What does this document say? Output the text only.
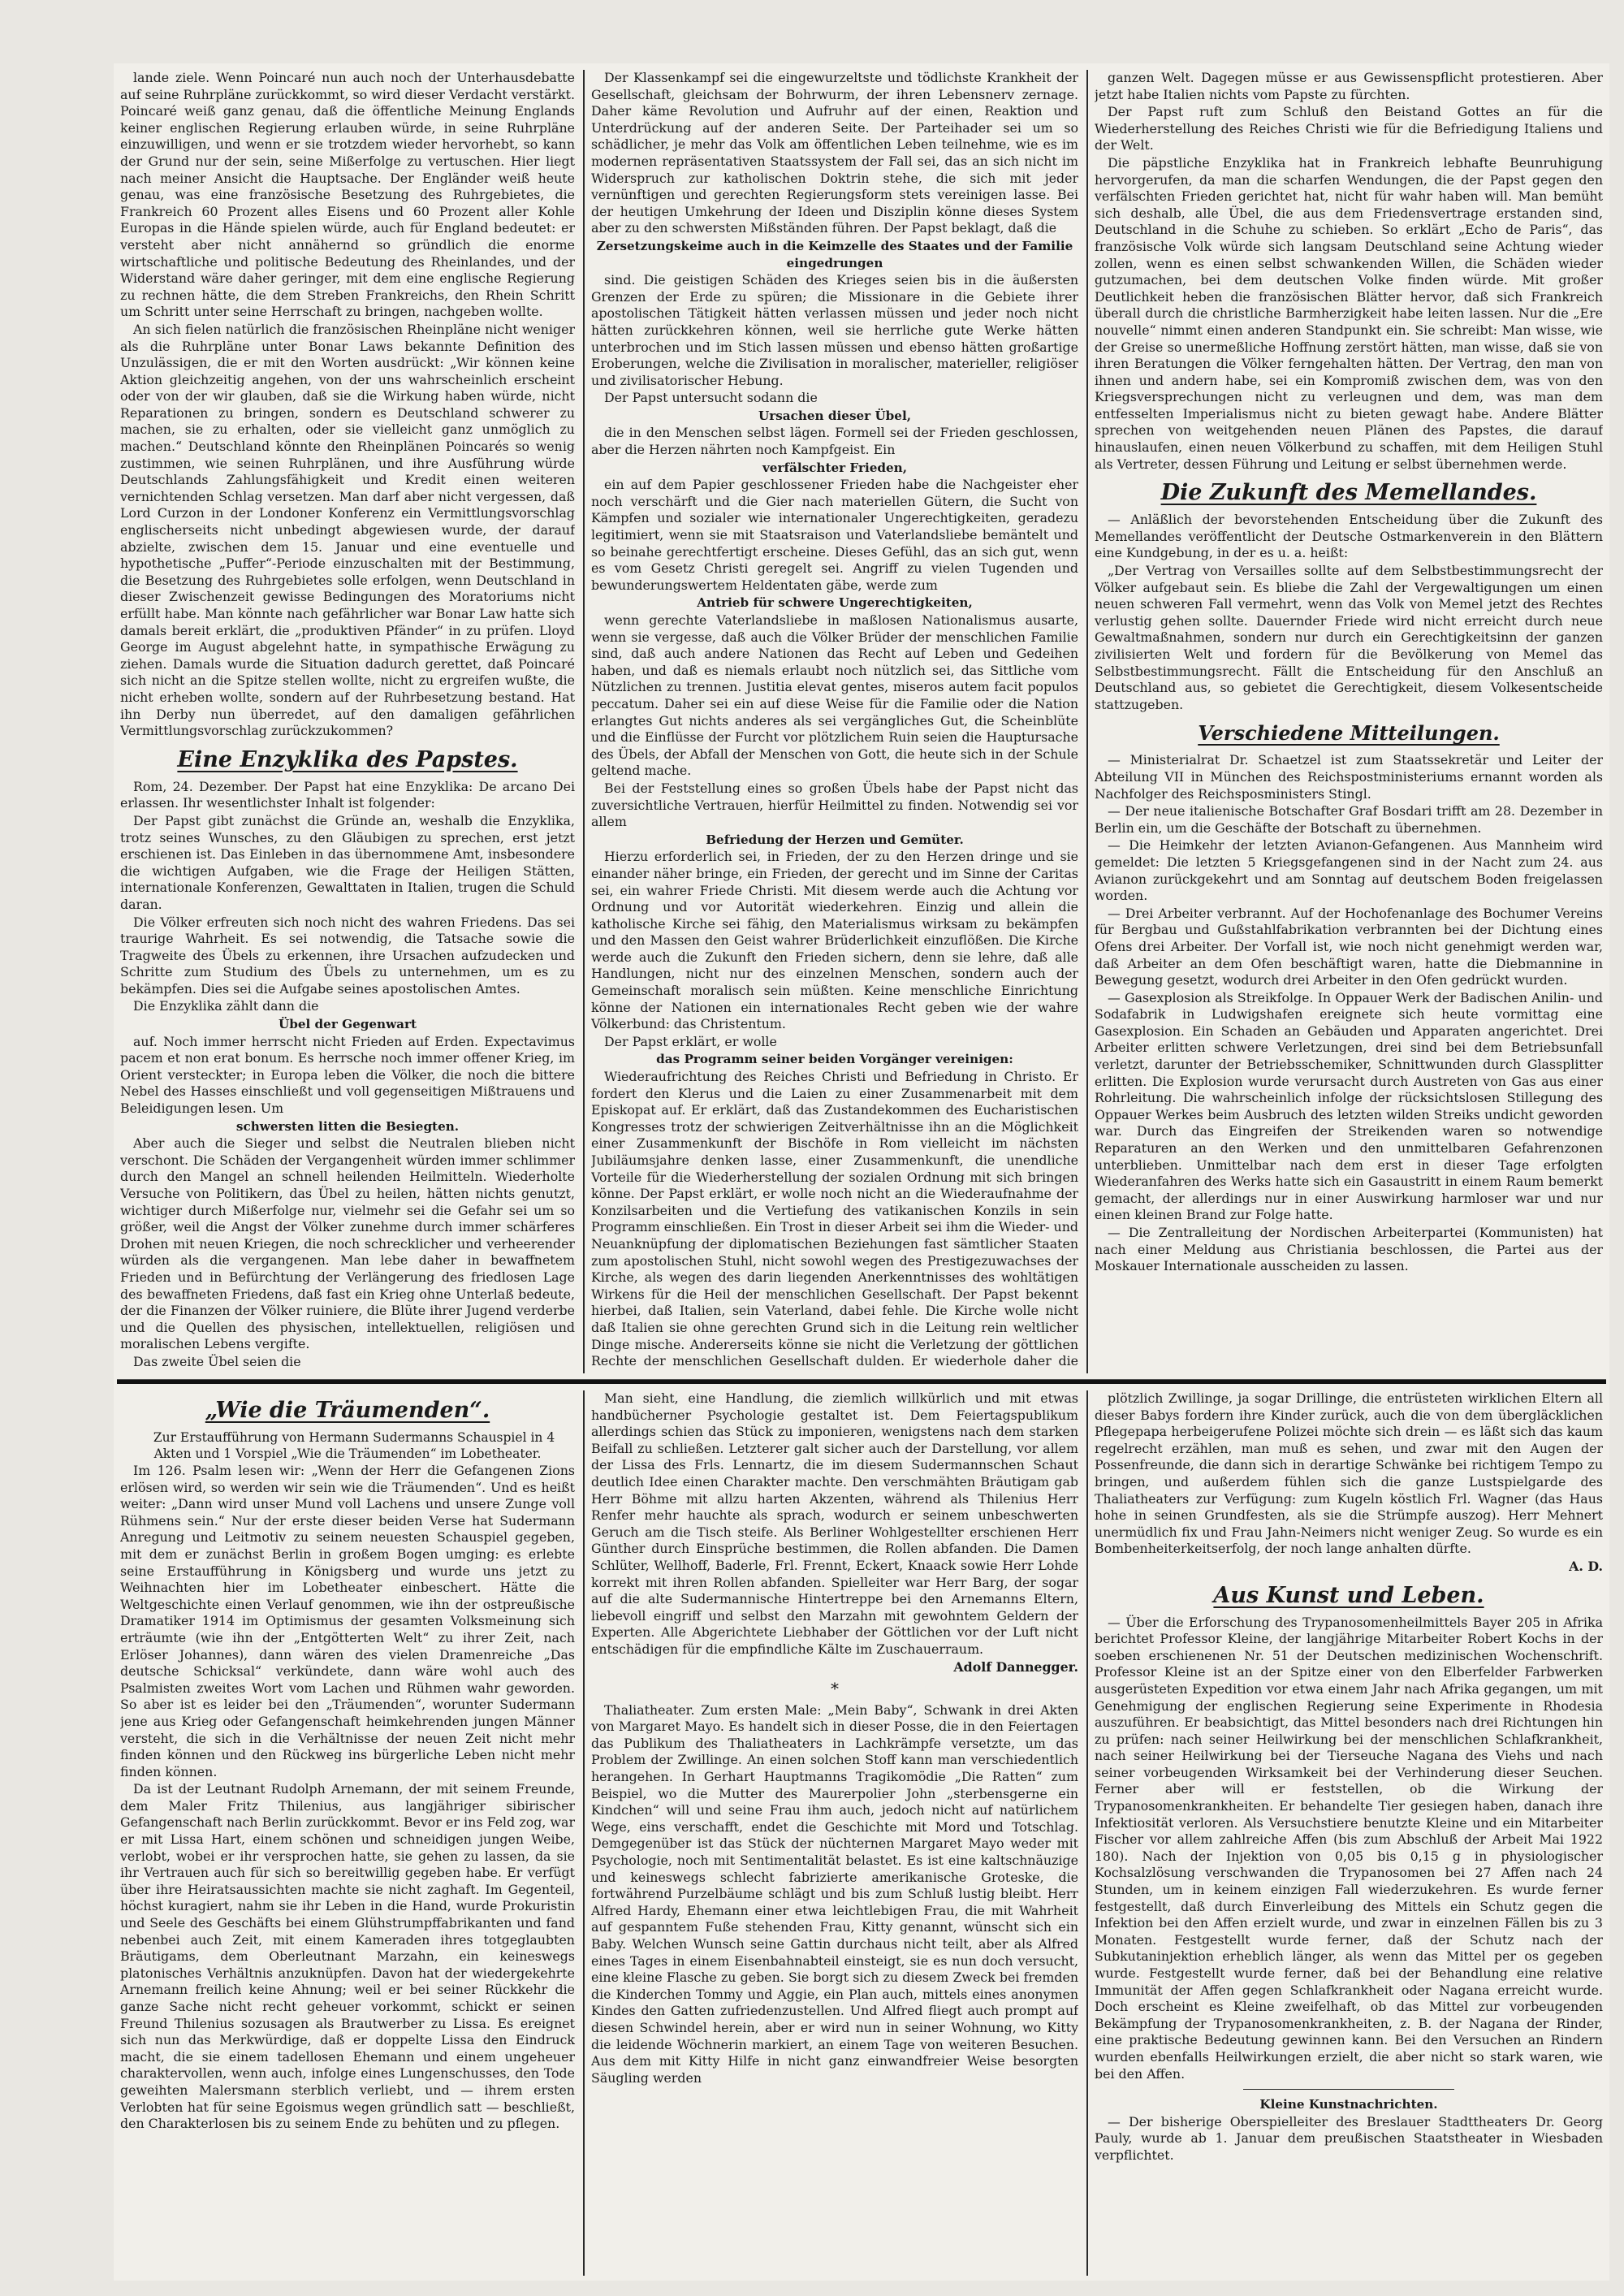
lande ziele. Wenn Poincaré nun auch noch der Unterhausdebatte auf seine Ruhrpläne zurückkommt, so wird dieser Verdacht verstärkt. Poincaré weiß ganz genau, daß die öffentliche Meinung Englands keiner englischen Regierung erlauben würde, in seine Ruhrpläne einzuwilligen, und wenn er sie trotzdem wieder hervorhebt, so kann der Grund nur der sein, seine Mißerfolge zu vertuschen. Hier liegt nach meiner Ansicht die Hauptsache. Der Engländer weiß heute genau, was eine französische Besetzung des Ruhrgebietes, die Frankreich 60 Prozent alles Eisens und 60 Prozent aller Kohle Europas in die Hände spielen würde, auch für England bedeutet: er versteht aber nicht annähernd so gründlich die enorme wirtschaftliche und politische Bedeutung des Rheinlandes, und der Widerstand wäre daher geringer, mit dem eine englische Regierung zu rechnen hätte, die dem Streben Frankreichs, den Rhein Schritt um Schritt unter seine Herrschaft zu bringen, nachgeben wollte.

An sich fielen natürlich die französischen Rheinpläne nicht weniger als die Ruhrpläne unter Bonar Laws bekannte Definition des Unzulässigen, die er mit den Worten ausdrückt: „Wir können keine Aktion gleichzeitig angehen, von der uns wahrscheinlich erscheint oder von der wir glauben, daß sie die Wirkung haben würde, nicht Reparationen zu bringen, sondern es Deutschland schwerer zu machen, sie zu erhalten, oder sie vielleicht ganz unmöglich zu machen.“ Deutschland könnte den Rheinplänen Poincarés so wenig zustimmen, wie seinen Ruhrplänen, und ihre Ausführung würde Deutschlands Zahlungsfähigkeit und Kredit einen weiteren vernichtenden Schlag versetzen. Man darf aber nicht vergessen, daß Lord Curzon in der Londoner Konferenz ein Vermittlungsvorschlag englischerseits nicht unbedingt abgewiesen wurde, der darauf abzielte, zwischen dem 15. Januar und eine eventuelle und hypothetische „Puffer“-Periode einzuschalten mit der Bestimmung, die Besetzung des Ruhrgebietes solle erfolgen, wenn Deutschland in dieser Zwischenzeit gewisse Bedingungen des Moratoriums nicht erfüllt habe. Man könnte nach gefährlicher war Bonar Law hatte sich damals bereit erklärt, die „produktiven Pfänder“ in zu prüfen. Lloyd George im August abgelehnt hatte, in sympathische Erwägung zu ziehen. Damals wurde die Situation dadurch gerettet, daß Poincaré sich nicht an die Spitze stellen wollte, nicht zu ergreifen wußte, die nicht erheben wollte, sondern auf der Ruhrbesetzung bestand. Hat ihn Derby nun überredet, auf den damaligen gefährlichen Vermittlungsvorschlag zurückzukommen?

Eine Enzyklika des Papstes.

Rom, 24. Dezember. Der Papst hat eine Enzyklika: De arcano Dei erlassen. Ihr wesentlichster Inhalt ist folgender:

Der Papst gibt zunächst die Gründe an, weshalb die Enzyklika, trotz seines Wunsches, zu den Gläubigen zu sprechen, erst jetzt erschienen ist. Das Einleben in das übernommene Amt, insbesondere die wichtigen Aufgaben, wie die Frage der Heiligen Stätten, internationale Konferenzen, Gewalttaten in Italien, trugen die Schuld daran.

Die Völker erfreuten sich noch nicht des wahren Friedens. Das sei traurige Wahrheit. Es sei notwendig, die Tatsache sowie die Tragweite des Übels zu erkennen, ihre Ursachen aufzudecken und Schritte zum Studium des Übels zu unternehmen, um es zu bekämpfen. Dies sei die Aufgabe seines apostolischen Amtes.

Die Enzyklika zählt dann die

Übel der Gegenwart

auf. Noch immer herrscht nicht Frieden auf Erden. Expectavimus pacem et non erat bonum. Es herrsche noch immer offener Krieg, im Orient versteckter; in Europa leben die Völker, die noch die bittere Nebel des Hasses einschließt und voll gegenseitigen Mißtrauens und Beleidigungen lesen. Um

schwersten litten die Besiegten.

Aber auch die Sieger und selbst die Neutralen blieben nicht verschont. Die Schäden der Vergangenheit würden immer schlimmer durch den Mangel an schnell heilenden Heilmitteln. Wiederholte Versuche von Politikern, das Übel zu heilen, hätten nichts genutzt, wichtiger durch Mißerfolge nur, vielmehr sei die Gefahr sei um so größer, weil die Angst der Völker zunehme durch immer schärferes Drohen mit neuen Kriegen, die noch schrecklicher und verheerender würden als die vergangenen. Man lebe daher in bewaffnetem Frieden und in Befürchtung der Verlängerung des friedlosen Lage des bewaffneten Friedens, daß fast ein Krieg ohne Unterlaß bedeute, der die Finanzen der Völker ruiniere, die Blüte ihrer Jugend verderbe und die Quellen des physischen, intellektuellen, religiösen und moralischen Lebens vergifte.

Das zweite Übel seien die

Der Klassenkampf sei die eingewurzeltste und tödlichste Krankheit der Gesellschaft, gleichsam der Bohrwurm, der ihren Lebensnerv zernage. Daher käme Revolution und Aufruhr auf der einen, Reaktion und Unterdrückung auf der anderen Seite. Der Parteihader sei um so schädlicher, je mehr das Volk am öffentlichen Leben teilnehme, wie es im modernen repräsentativen Staatssystem der Fall sei, das an sich nicht im Widerspruch zur katholischen Doktrin stehe, die sich mit jeder vernünftigen und gerechten Regierungsform stets vereinigen lasse. Bei der heutigen Umkehrung der Ideen und Disziplin könne dieses System aber zu den schwersten Mißständen führen. Der Papst beklagt, daß die

Zersetzungskeime auch in die Keimzelle des Staates und der Familie eingedrungen

sind. Die geistigen Schäden des Krieges seien bis in die äußersten Grenzen der Erde zu spüren; die Missionare in die Gebiete ihrer apostolischen Tätigkeit hätten verlassen müssen und jeder noch nicht hätten zurückkehren können, weil sie herrliche gute Werke hätten unterbrochen und im Stich lassen müssen und ebenso hätten großartige Eroberungen, welche die Zivilisation in moralischer, materieller, religiöser und zivilisatorischer Hebung.

Der Papst untersucht sodann die

Ursachen dieser Übel,

die in den Menschen selbst lägen. Formell sei der Frieden geschlossen, aber die Herzen nährten noch Kampfgeist. Ein

verfälschter Frieden,

ein auf dem Papier geschlossener Frieden habe die Nachgeister eher noch verschärft und die Gier nach materiellen Gütern, die Sucht von Kämpfen und sozialer wie internationaler Ungerechtigkeiten, geradezu legitimiert, wenn sie mit Staatsraison und Vaterlandsliebe bemäntelt und so beinahe gerechtfertigt erscheine. Dieses Gefühl, das an sich gut, wenn es vom Gesetz Christi geregelt sei. Angriff zu vielen Tugenden und bewunderungswertem Heldentaten gäbe, werde zum

Antrieb für schwere Ungerechtigkeiten,

wenn gerechte Vaterlandsliebe in maßlosen Nationalismus ausarte, wenn sie vergesse, daß auch die Völker Brüder der menschlichen Familie sind, daß auch andere Nationen das Recht auf Leben und Gedeihen haben, und daß es niemals erlaubt noch nützlich sei, das Sittliche vom Nützlichen zu trennen. Justitia elevat gentes, miseros autem facit populos peccatum. Daher sei ein auf diese Weise für die Familie oder die Nation erlangtes Gut nichts anderes als sei vergängliches Gut, die Scheinblüte und die Einflüsse der Furcht vor plötzlichem Ruin seien die Hauptursache des Übels, der Abfall der Menschen von Gott, die heute sich in der Schule geltend mache.

Bei der Feststellung eines so großen Übels habe der Papst nicht das zuversichtliche Vertrauen, hierfür Heilmittel zu finden. Notwendig sei vor allem

Befriedung der Herzen und Gemüter.

Hierzu erforderlich sei, in Frieden, der zu den Herzen dringe und sie einander näher bringe, ein Frieden, der gerecht und im Sinne der Caritas sei, ein wahrer Friede Christi. Mit diesem werde auch die Achtung vor Ordnung und vor Autorität wiederkehren. Einzig und allein die katholische Kirche sei fähig, den Materialismus wirksam zu bekämpfen und den Massen den Geist wahrer Brüderlichkeit einzuflößen. Die Kirche werde auch die Zukunft den Frieden sichern, denn sie lehre, daß alle Handlungen, nicht nur des einzelnen Menschen, sondern auch der Gemeinschaft moralisch sein müßten. Keine menschliche Einrichtung könne der Nationen ein internationales Recht geben wie der wahre Völkerbund: das Christentum.

Der Papst erklärt, er wolle

das Programm seiner beiden Vorgänger vereinigen:

Wiederaufrichtung des Reiches Christi und Befriedung in Christo. Er fordert den Klerus und die Laien zu einer Zusammenarbeit mit dem Episkopat auf. Er erklärt, daß das Zustandekommen des Eucharistischen Kongresses trotz der schwierigen Zeitverhältnisse ihn an die Möglichkeit einer Zusammenkunft der Bischöfe in Rom vielleicht im nächsten Jubiläumsjahre denken lasse, einer Zusammenkunft, die unendliche Vorteile für die Wiederherstellung der sozialen Ordnung mit sich bringen könne. Der Papst erklärt, er wolle noch nicht an die Wiederaufnahme der Konzilsarbeiten und die Vertiefung des vatikanischen Konzils in sein Programm einschließen. Ein Trost in dieser Arbeit sei ihm die Wieder- und Neuanknüpfung der diplomatischen Beziehungen fast sämtlicher Staaten zum apostolischen Stuhl, nicht sowohl wegen des Prestigezuwachses der Kirche, als wegen des darin liegenden Anerkenntnisses des wohltätigen Wirkens für die Heil der menschlichen Gesellschaft. Der Papst bekennt hierbei, daß Italien, sein Vaterland, dabei fehle. Die Kirche wolle nicht daß Italien sie ohne gerechten Grund sich in die Leitung rein weltlicher Dinge mische. Andererseits könne sie nicht die Verletzung der göttlichen Rechte der menschlichen Gesellschaft dulden. Er wiederhole daher die

ganzen Welt. Dagegen müsse er aus Gewissenspflicht protestieren. Aber jetzt habe Italien nichts vom Papste zu fürchten.

Der Papst ruft zum Schluß den Beistand Gottes an für die Wiederherstellung des Reiches Christi wie für die Befriedigung Italiens und der Welt.

Die päpstliche Enzyklika hat in Frankreich lebhafte Beunruhigung hervorgerufen, da man die scharfen Wendungen, die der Papst gegen den verfälschten Frieden gerichtet hat, nicht für wahr haben will. Man bemüht sich deshalb, alle Übel, die aus dem Friedensvertrage erstanden sind, Deutschland in die Schuhe zu schieben. So erklärt „Echo de Paris“, das französische Volk würde sich langsam Deutschland seine Achtung wieder zollen, wenn es einen selbst schwankenden Willen, die Schäden wieder gutzumachen, bei dem deutschen Volke finden würde. Mit großer Deutlichkeit heben die französischen Blätter hervor, daß sich Frankreich überall durch die christliche Barmherzigkeit habe leiten lassen. Nur die „Ere nouvelle“ nimmt einen anderen Standpunkt ein. Sie schreibt: Man wisse, wie der Greise so unermeßliche Hoffnung zerstört hätten, man wisse, daß sie von ihren Beratungen die Völker ferngehalten hätten. Der Vertrag, den man von ihnen und andern habe, sei ein Kompromiß zwischen dem, was von den Kriegsversprechungen nicht zu verleugnen und dem, was man dem entfesselten Imperialismus nicht zu bieten gewagt habe. Andere Blätter sprechen von weitgehenden neuen Plänen des Papstes, die darauf hinauslaufen, einen neuen Völkerbund zu schaffen, mit dem Heiligen Stuhl als Vertreter, dessen Führung und Leitung er selbst übernehmen werde.

Die Zukunft des Memellandes.

— Anläßlich der bevorstehenden Entscheidung über die Zukunft des Memellandes veröffentlicht der Deutsche Ostmarkenverein in den Blättern eine Kundgebung, in der es u. a. heißt:

„Der Vertrag von Versailles sollte auf dem Selbstbestimmungsrecht der Völker aufgebaut sein. Es bliebe die Zahl der Vergewaltigungen um einen neuen schweren Fall vermehrt, wenn das Volk von Memel jetzt des Rechtes verlustig gehen sollte. Dauernder Friede wird nicht erreicht durch neue Gewaltmaßnahmen, sondern nur durch ein Gerechtigkeitsinn der ganzen zivilisierten Welt und fordern für die Bevölkerung von Memel das Selbstbestimmungsrecht. Fällt die Entscheidung für den Anschluß an Deutschland aus, so gebietet die Gerechtigkeit, diesem Volkesentscheide stattzugeben.

Verschiedene Mitteilungen.

— Ministerialrat Dr. Schaetzel ist zum Staatssekretär und Leiter der Abteilung VII in München des Reichspostministeriums ernannt worden als Nachfolger des Reichsposministers Stingl.

— Der neue italienische Botschafter Graf Bosdari trifft am 28. Dezember in Berlin ein, um die Geschäfte der Botschaft zu übernehmen.

— Die Heimkehr der letzten Avianon-Gefangenen. Aus Mannheim wird gemeldet: Die letzten 5 Kriegsgefangenen sind in der Nacht zum 24. aus Avianon zurückgekehrt und am Sonntag auf deutschem Boden freigelassen worden.

— Drei Arbeiter verbrannt. Auf der Hochofenanlage des Bochumer Vereins für Bergbau und Gußstahlfabrikation verbrannten bei der Dichtung eines Ofens drei Arbeiter. Der Vorfall ist, wie noch nicht genehmigt werden war, daß Arbeiter an dem Ofen beschäftigt waren, hatte die Diebmannine in Bewegung gesetzt, wodurch drei Arbeiter in den Ofen gedrückt wurden.

— Gasexplosion als Streikfolge. In Oppauer Werk der Badischen Anilin- und Sodafabrik in Ludwigshafen ereignete sich heute vormittag eine Gasexplosion. Ein Schaden an Gebäuden und Apparaten angerichtet. Drei Arbeiter erlitten schwere Verletzungen, drei sind bei dem Betriebsunfall verletzt, darunter der Betriebsschemiker, Schnittwunden durch Glassplitter erlitten. Die Explosion wurde verursacht durch Austreten von Gas aus einer Rohrleitung. Die wahrscheinlich infolge der rücksichtslosen Stillegung des Oppauer Werkes beim Ausbruch des letzten wilden Streiks undicht geworden war. Durch das Eingreifen der Streikenden waren so notwendige Reparaturen an den Werken und den unmittelbaren Gefahrenzonen unterblieben. Unmittelbar nach dem erst in dieser Tage erfolgten Wiederanfahren des Werks hatte sich ein Gasaustritt in einem Raum bemerkt gemacht, der allerdings nur in einer Auswirkung harmloser war und nur einen kleinen Brand zur Folge hatte.

— Die Zentralleitung der Nordischen Arbeiterpartei (Kommunisten) hat nach einer Meldung aus Christiania beschlossen, die Partei aus der Moskauer Internationale ausscheiden zu lassen.

„Wie die Träumenden“.

Zur Erstaufführung von Hermann Sudermanns Schauspiel in 4 Akten und 1 Vorspiel „Wie die Träumenden“ im Lobetheater.

Im 126. Psalm lesen wir: „Wenn der Herr die Gefangenen Zions erlösen wird, so werden wir sein wie die Träumenden“. Und es heißt weiter: „Dann wird unser Mund voll Lachens und unsere Zunge voll Rühmens sein.“ Nur der erste dieser beiden Verse hat Sudermann Anregung und Leitmotiv zu seinem neuesten Schauspiel gegeben, mit dem er zunächst Berlin in großem Bogen umging: es erlebte seine Erstaufführung in Königsberg und wurde uns jetzt zu Weihnachten hier im Lobetheater einbeschert. Hätte die Weltgeschichte einen Verlauf genommen, wie ihn der ostpreußische Dramatiker 1914 im Optimismus der gesamten Volksmeinung sich erträumte (wie ihn der „Entgötterten Welt“ zu ihrer Zeit, nach Erlöser Johannes), dann wären des vielen Dramenreiche „Das deutsche Schicksal“ verkündete, dann wäre wohl auch des Psalmisten zweites Wort vom Lachen und Rühmen wahr geworden. So aber ist es leider bei den „Träumenden“, worunter Sudermann jene aus Krieg oder Gefangenschaft heimkehrenden jungen Männer versteht, die sich in die Verhältnisse der neuen Zeit nicht mehr finden können und den Rückweg ins bürgerliche Leben nicht mehr finden können.

Da ist der Leutnant Rudolph Arnemann, der mit seinem Freunde, dem Maler Fritz Thilenius, aus langjähriger sibirischer Gefangenschaft nach Berlin zurückkommt. Bevor er ins Feld zog, war er mit Lissa Hart, einem schönen und schneidigen jungen Weibe, verlobt, wobei er ihr versprochen hatte, sie gehen zu lassen, da sie ihr Vertrauen auch für sich so bereitwillig gegeben habe. Er verfügt über ihre Heiratsaussichten machte sie nicht zaghaft. Im Gegenteil, höchst kuragiert, nahm sie ihr Leben in die Hand, wurde Prokuristin und Seele des Geschäfts bei einem Glühstrumpffabrikanten und fand nebenbei auch Zeit, mit einem Kameraden ihres totgeglaubten Bräutigams, dem Oberleutnant Marzahn, ein keineswegs platonisches Verhältnis anzuknüpfen. Davon hat der wiedergekehrte Arnemann freilich keine Ahnung; weil er bei seiner Rückkehr die ganze Sache nicht recht geheuer vorkommt, schickt er seinen Freund Thilenius sozusagen als Brautwerber zu Lissa. Es ereignet sich nun das Merkwürdige, daß er doppelte Lissa den Eindruck macht, die sie einem tadellosen Ehemann und einem ungeheuer charaktervollen, wenn auch, infolge eines Lungenschusses, den Tode geweihten Malersmann sterblich verliebt, und — ihrem ersten Verlobten hat für seine Egoismus wegen gründlich satt — beschließt, den Charakterlosen bis zu seinem Ende zu behüten und zu pflegen.

Man sieht, eine Handlung, die ziemlich willkürlich und mit etwas handbücherner Psychologie gestaltet ist. Dem Feiertagspublikum allerdings schien das Stück zu imponieren, wenigstens nach dem starken Beifall zu schließen. Letzterer galt sicher auch der Darstellung, vor allem der Lissa des Frls. Lennartz, die im diesem Sudermannschen Schaut deutlich Idee einen Charakter machte. Den verschmähten Bräutigam gab Herr Böhme mit allzu harten Akzenten, während als Thilenius Herr Renfer mehr hauchte als sprach, wodurch er seinem unbeschwerten Geruch am die Tisch steife. Als Berliner Wohlgestellter erschienen Herr Günther durch Einsprüche bestimmen, die Rollen abfanden. Die Damen Schlüter, Wellhoff, Baderle, Frl. Frennt, Eckert, Knaack sowie Herr Lohde korrekt mit ihren Rollen abfanden. Spielleiter war Herr Barg, der sogar auf die alte Sudermannische Hintertreppe bei den Arnemanns Eltern, liebevoll eingriff und selbst den Marzahn mit gewohntem Geldern der Experten. Alle Abgerichtete Liebhaber der Göttlichen vor der Luft nicht entschädigen für die empfindliche Kälte im Zuschauerraum.

Adolf Dannegger.

*

Thaliatheater. Zum ersten Male: „Mein Baby“, Schwank in drei Akten von Margaret Mayo. Es handelt sich in dieser Posse, die in den Feiertagen das Publikum des Thaliatheaters in Lachkrämpfe versetzte, um das Problem der Zwillinge. An einen solchen Stoff kann man verschiedentlich herangehen. In Gerhart Hauptmanns Tragikomödie „Die Ratten“ zum Beispiel, wo die Mutter des Maurerpolier John „sterbensgerne ein Kindchen“ will und seine Frau ihm auch, jedoch nicht auf natürlichem Wege, eins verschafft, endet die Geschichte mit Mord und Totschlag. Demgegenüber ist das Stück der nüchternen Margaret Mayo weder mit Psychologie, noch mit Sentimentalität belastet. Es ist eine kaltschnäuzige und keineswegs schlecht fabrizierte amerikanische Groteske, die fortwährend Purzelbäume schlägt und bis zum Schluß lustig bleibt. Herr Alfred Hardy, Ehemann einer etwa leichtlebigen Frau, die mit Wahrheit auf gespanntem Fuße stehenden Frau, Kitty genannt, wünscht sich ein Baby. Welchen Wunsch seine Gattin durchaus nicht teilt, aber als Alfred eines Tages in einem Eisenbahnabteil einsteigt, sie es nun doch versucht, eine kleine Flasche zu geben. Sie borgt sich zu diesem Zweck bei fremden die Kinderchen Tommy und Aggie, ein Plan auch, mittels eines anonymen Kindes den Gatten zufriedenzustellen. Und Alfred fliegt auch prompt auf diesen Schwindel herein, aber er wird nun in seiner Wohnung, wo Kitty die leidende Wöchnerin markiert, an einem Tage von weiteren Besuchen. Aus dem mit Kitty Hilfe in nicht ganz einwandfreier Weise besorgten Säugling werden

plötzlich Zwillinge, ja sogar Drillinge, die entrüsteten wirklichen Eltern all dieser Babys fordern ihre Kinder zurück, auch die von dem übergläcklichen Pflegepapa herbeigerufene Polizei möchte sich drein — es läßt sich das kaum regelrecht erzählen, man muß es sehen, und zwar mit den Augen der Possenfreunde, die dann sich in derartige Schwänke bei richtigem Tempo zu bringen, und außerdem fühlen sich die ganze Lustspielgarde des Thaliatheaters zur Verfügung: zum Kugeln köstlich Frl. Wagner (das Haus hohe in seinen Grundfesten, als sie die Strümpfe auszog). Herr Mehnert unermüdlich fix und Frau Jahn-Neimers nicht weniger Zeug. So wurde es ein Bombenheiterkeitserfolg, der noch lange anhalten dürfte.

A. D.

Aus Kunst und Leben.

— Über die Erforschung des Trypanosomenheilmittels Bayer 205 in Afrika berichtet Professor Kleine, der langjährige Mitarbeiter Robert Kochs in der soeben erschienenen Nr. 51 der Deutschen medizinischen Wochenschrift. Professor Kleine ist an der Spitze einer von den Elberfelder Farbwerken ausgerüsteten Expedition vor etwa einem Jahr nach Afrika gegangen, um mit Genehmigung der englischen Regierung seine Experimente in Rhodesia auszuführen. Er beabsichtigt, das Mittel besonders nach drei Richtungen hin zu prüfen: nach seiner Heilwirkung bei der menschlichen Schlafkrankheit, nach seiner Heilwirkung bei der Tierseuche Nagana des Viehs und nach seiner vorbeugenden Wirksamkeit bei der Verhinderung dieser Seuchen. Ferner aber will er feststellen, ob die Wirkung der Trypanosomenkrankheiten. Er behandelte Tier gesiegen haben, danach ihre Infektiosität verloren. Als Versuchstiere benutzte Kleine und ein Mitarbeiter Fischer vor allem zahlreiche Affen (bis zum Abschluß der Arbeit Mai 1922 180). Nach der Injektion von 0,05 bis 0,15 g in physiologischer Kochsalzlösung verschwanden die Trypanosomen bei 27 Affen nach 24 Stunden, um in keinem einzigen Fall wiederzukehren. Es wurde ferner festgestellt, daß durch Einverleibung des Mittels ein Schutz gegen die Infektion bei den Affen erzielt wurde, und zwar in einzelnen Fällen bis zu 3 Monaten. Festgestellt wurde ferner, daß der Schutz nach der Subkutaninjektion erheblich länger, als wenn das Mittel per os gegeben wurde. Festgestellt wurde ferner, daß bei der Behandlung eine relative Immunität der Affen gegen Schlafkrankheit oder Nagana erreicht wurde. Doch erscheint es Kleine zweifelhaft, ob das Mittel zur vorbeugenden Bekämpfung der Trypanosomenkrankheiten, z. B. der Nagana der Rinder, eine praktische Bedeutung gewinnen kann. Bei den Versuchen an Rindern wurden ebenfalls Heilwirkungen erzielt, die aber nicht so stark waren, wie bei den Affen.

Kleine Kunstnachrichten.

— Der bisherige Oberspielleiter des Breslauer Stadttheaters Dr. Georg Pauly, wurde ab 1. Januar dem preußischen Staatstheater in Wiesbaden verpflichtet.
